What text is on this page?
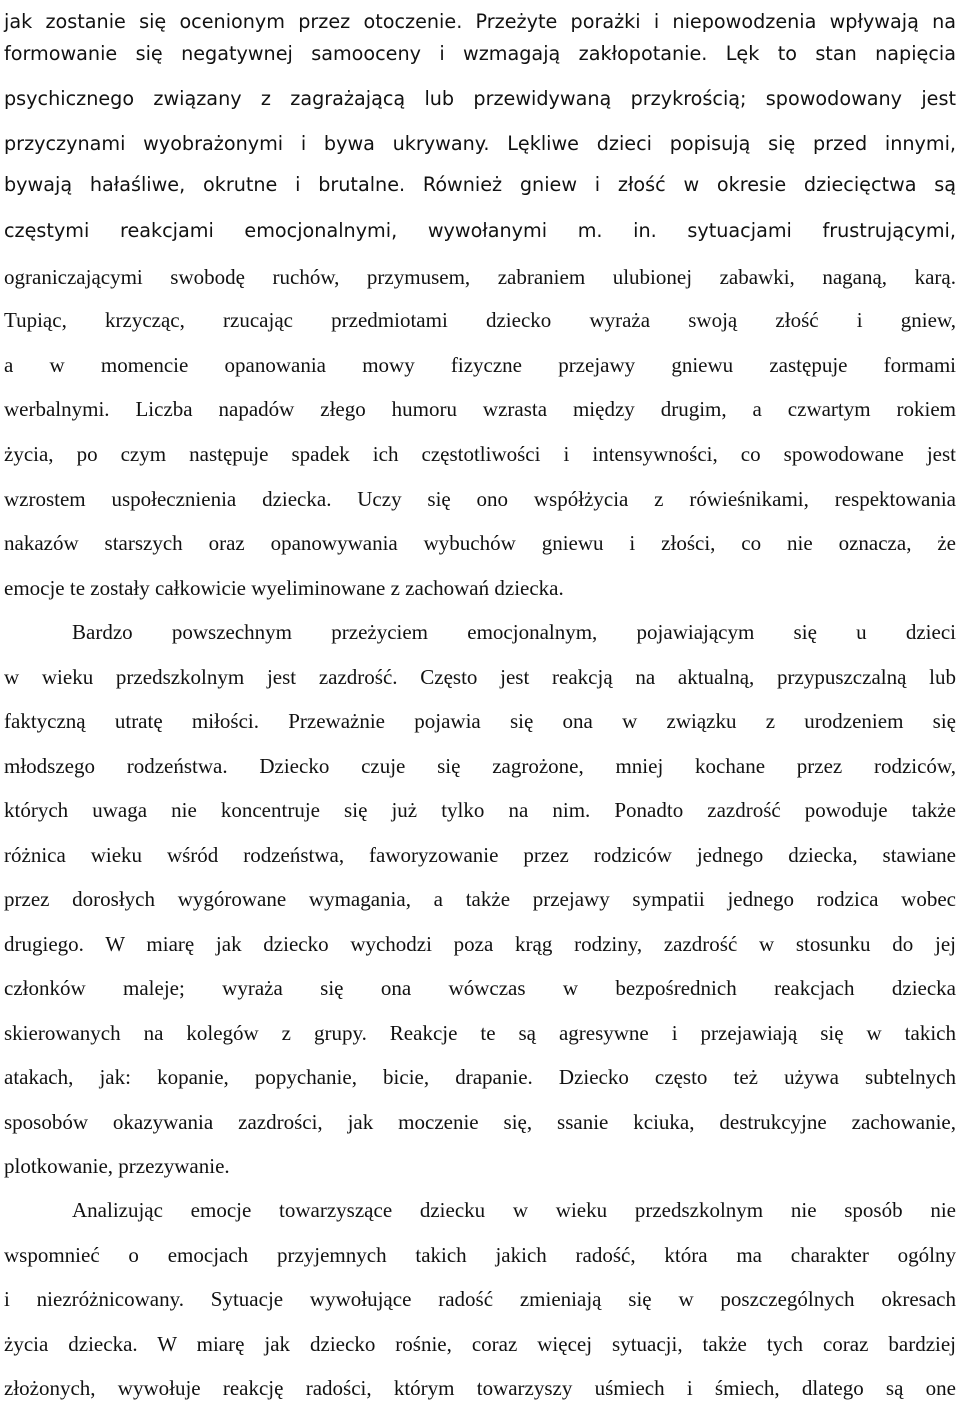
jak zostanie się ocenionym przez otoczenie. Przeżyte porażki i niepowodzenia wpływają na
formowanie się negatywnej samooceny i wzmagają zakłopotanie. Lęk to stan napięcia
psychicznego związany z zagrażającą lub przewidywaną przykrością; spowodowany jest
przyczynami wyobrażonymi i bywa ukrywany. Lękliwe dzieci popisują się przed innymi,
bywają hałaśliwe, okrutne i brutalne. Również gniew i złość w okresie dziecięctwa są
częstymi reakcjami emocjonalnymi, wywołanymi m. in. sytuacjami frustrującymi,
ograniczającymi swobodę ruchów, przymusem, zabraniem ulubionej zabawki, naganą, karą.
Tupiąc, krzycząc, rzucając przedmiotami dziecko wyraża swoją złość i gniew,
a w momencie opanowania mowy fizyczne przejawy gniewu zastępuje formami
werbalnymi. Liczba napadów złego humoru wzrasta między drugim, a czwartym rokiem
życia, po czym następuje spadek ich częstotliwości i intensywności, co spowodowane jest
wzrostem uspołecznienia dziecka. Uczy się ono współżycia z rówieśnikami, respektowania
nakazów starszych oraz opanowywania wybuchów gniewu i złości, co nie oznacza, że
emocje te zostały całkowicie wyeliminowane z zachowań dziecka.
Bardzo powszechnym przeżyciem emocjonalnym, pojawiającym się u dzieci
w wieku przedszkolnym jest zazdrość. Często jest reakcją na aktualną, przypuszczalną lub
faktyczną utratę miłości. Przeważnie pojawia się ona w związku z urodzeniem się
młodszego rodzeństwa. Dziecko czuje się zagrożone, mniej kochane przez rodziców,
których uwaga nie koncentruje się już tylko na nim. Ponadto zazdrość powoduje także
różnica wieku wśród rodzeństwa, faworyzowanie przez rodziców jednego dziecka, stawiane
przez dorosłych wygórowane wymagania, a także przejawy sympatii jednego rodzica wobec
drugiego. W miarę jak dziecko wychodzi poza krąg rodziny, zazdrość w stosunku do jej
członków maleje; wyraża się ona wówczas w bezpośrednich reakcjach dziecka
skierowanych na kolegów z grupy. Reakcje te są agresywne i przejawiają się w takich
atakach, jak: kopanie, popychanie, bicie, drapanie. Dziecko często też używa subtelnych
sposobów okazywania zazdrości, jak moczenie się, ssanie kciuka, destrukcyjne zachowanie,
plotkowanie, przezywanie.
Analizując emocje towarzyszące dziecku w wieku przedszkolnym nie sposób nie
wspomnieć o emocjach przyjemnych takich jakich radość, która ma charakter ogólny
i niezróżnicowany. Sytuacje wywołujące radość zmieniają się w poszczególnych okresach
życia dziecka. W miarę jak dziecko rośnie, coraz więcej sytuacji, także tych coraz bardziej
złożonych, wywołuje reakcję radości, którym towarzyszy uśmiech i śmiech, dlatego są one
